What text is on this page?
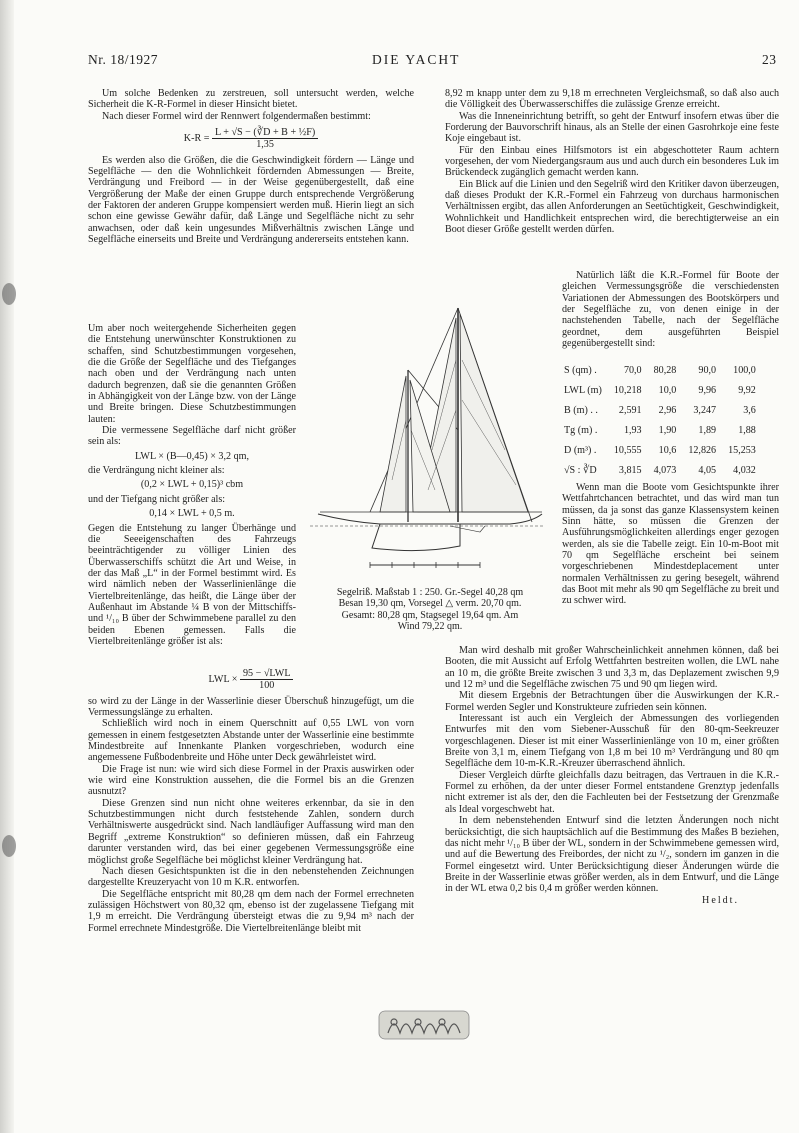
Nr. 18/1927	DIE YACHT	23

Um solche Bedenken zu zerstreuen, soll untersucht werden, welche Sicherheit die K-R-Formel in dieser Hinsicht bietet.

Nach dieser Formel wird der Rennwert folgendermaßen bestimmt:

$K-R = \frac{\text{L + √S − (∛D + B + ½F)}}{1,35}$

Es werden also die Größen, die die Geschwindigkeit fördern — Länge und Segelfläche — den die Wohnlichkeit fördernden Abmessungen — Breite, Verdrängung und Freibord — in der Weise gegenübergestellt, daß eine Vergrößerung der Maße der einen Gruppe durch entsprechende Vergrößerung der Faktoren der anderen Gruppe kompensiert werden muß. Hierin liegt an sich schon eine gewisse Gewähr dafür, daß Länge und Segelfläche nicht zu sehr anwachsen, oder daß kein ungesundes Mißverhältnis zwischen Länge und Segelfläche einerseits und Breite und Verdrängung andererseits entstehen kann.

Um aber noch weitergehende Sicherheiten gegen die Entstehung unerwünschter Konstruktionen zu schaffen, sind Schutzbestimmungen vorgesehen, die die Größe der Segelfläche und des Tiefganges nach oben und der Verdrängung nach unten dadurch begrenzen, daß sie die genannten Größen in Abhängigkeit von der Länge bzw. von der Länge und Breite bringen. Diese Schutzbestimmungen lauten:

Die vermessene Segelfläche darf nicht größer sein als:

LWL × (B—0,45) × 3,2 qm,

die Verdrängung nicht kleiner als:

(0,2 × LWL + 0,15)³ cbm

und der Tiefgang nicht größer als:

0,14 × LWL + 0,5 m.

Gegen die Entstehung zu langer Überhänge und die Seeeigenschaften des Fahrzeugs beeinträchtigender zu völliger Linien des Überwasserschiffs schützt die Art und Weise, in der das Maß „L“ in der Formel bestimmt wird. Es wird nämlich neben der Wasserlinienlänge die Viertelbreitenlänge, das heißt, die Länge über der Außenhaut im Abstande ¼ B von der Mittschiffs- und ¹/₁₀ B über der Schwimmebene parallel zu den beiden Ebenen gemessen. Falls die Viertelbreitenlänge größer ist als:

LWL ×
95 − √LWL
100

so wird zu der Länge in der Wasserlinie dieser Überschuß hinzugefügt, um die Vermessungslänge zu erhalten.

Schließlich wird noch in einem Querschnitt auf 0,55 LWL von vorn gemessen in einem festgesetzten Abstande unter der Wasserlinie eine bestimmte Mindestbreite auf Innenkante Planken vorgeschrieben, wodurch eine angemessene Fußbodenbreite und Höhe unter Deck gewährleistet wird.

Die Frage ist nun: wie wird sich diese Formel in der Praxis auswirken oder wie wird eine Konstruktion aussehen, die die Formel bis an die Grenzen ausnutzt?

Diese Grenzen sind nun nicht ohne weiteres erkennbar, da sie in den Schutzbestimmungen nicht durch feststehende Zahlen, sondern durch Verhältniswerte ausgedrückt sind. Nach landläufiger Auffassung wird man den Begriff „extreme Konstruktion“ so definieren müssen, daß ein Fahrzeug darunter verstanden wird, das bei einer gegebenen Vermessungsgröße eine möglichst große Segelfläche bei möglichst kleiner Verdrängung hat.

Nach diesen Gesichtspunkten ist die in den nebenstehenden Zeichnungen dargestellte Kreuzeryacht von 10 m K.R. entworfen.

Die Segelfläche entspricht mit 80,28 qm dem nach der Formel errechneten zulässigen Höchstwert von 80,32 qm, ebenso ist der zugelassene Tiefgang mit 1,9 m erreicht. Die Verdrängung übersteigt etwas die zu 9,94 m³ nach der Formel errechnete Mindestgröße. Die Viertelbreitenlänge bleibt mit

Segelriß. Maßstab 1 : 250. Gr.-Segel 40,28 qm
Besan 19,30 qm, Vorsegel △ verm. 20,70 qm.
Gesamt: 80,28 qm, Stagsegel 19,64 qm. Am
Wind 79,22 qm.

8,92 m knapp unter dem zu 9,18 m errechneten Vergleichsmaß, so daß also auch die Völligkeit des Überwasserschiffes die zulässige Grenze erreicht.

Was die Inneneinrichtung betrifft, so geht der Entwurf insofern etwas über die Forderung der Bauvorschrift hinaus, als an Stelle der einen Gasrohrkoje eine feste Koje eingebaut ist.

Für den Einbau eines Hilfsmotors ist ein abgeschotteter Raum achtern vorgesehen, der vom Niedergangsraum aus und auch durch ein besonderes Luk im Brückendeck zugänglich gemacht werden kann.

Ein Blick auf die Linien und den Segelriß wird den Kritiker davon überzeugen, daß dieses Produkt der K.R.-Formel ein Fahrzeug von durchaus harmonischen Verhältnissen ergibt, das allen Anforderungen an Seetüchtigkeit, Geschwindigkeit, Wohnlichkeit und Handlichkeit entsprechen wird, die berechtigterweise an ein Boot dieser Größe gestellt werden dürfen.

Natürlich läßt die K.R.-Formel für Boote der gleichen Vermessungsgröße die verschiedensten Variationen der Abmessungen des Bootskörpers und der Segelfläche zu, von denen einige in der nachstehenden Tabelle, nach der Segelfläche geordnet, dem ausgeführten Beispiel gegenübergestellt sind:

S (qm) .	70,0	80,28	90,0	100,0
LWL (m)	10,218	10,0	9,96	9,92
B (m) . .	2,591	2,96	3,247	3,6
Tg (m) .	1,93	1,90	1,89	1,88
D (m³) .	10,555	10,6	12,826	15,253
√S : ∛D	3,815	4,073	4,05	4,032

Wenn man die Boote vom Gesichtspunkte ihrer Wettfahrtchancen betrachtet, und das wird man tun müssen, da ja sonst das ganze Klassensystem keinen Sinn hätte, so müssen die Grenzen der Ausführungsmöglichkeiten allerdings enger gezogen werden, als sie die Tabelle zeigt. Ein 10-m-Boot mit 70 qm Segelfläche erscheint bei seinem vorgeschriebenen Mindestdeplacement unter normalen Verhältnissen zu gering besegelt, während das Boot mit mehr als 90 qm Segelfläche zu breit und zu schwer wird.

Man wird deshalb mit großer Wahrscheinlichkeit annehmen können, daß bei Booten, die mit Aussicht auf Erfolg Wettfahrten bestreiten wollen, die LWL nahe an 10 m, die größte Breite zwischen 3 und 3,3 m, das Deplazement zwischen 9,9 und 12 m³ und die Segelfläche zwischen 75 und 90 qm liegen wird.

Mit diesem Ergebnis der Betrachtungen über die Auswirkungen der K.R.-Formel werden Segler und Konstrukteure zufrieden sein können.

Interessant ist auch ein Vergleich der Abmessungen des vorliegenden Entwurfes mit den vom Siebener-Ausschuß für den 80-qm-Seekreuzer vorgeschlagenen. Dieser ist mit einer Wasserlinienlänge von 10 m, einer größten Breite von 3,1 m, einem Tiefgang von 1,8 m bei 10 m³ Verdrängung und 80 qm Segelfläche dem 10-m-K.R.-Kreuzer überraschend ähnlich.

Dieser Vergleich dürfte gleichfalls dazu beitragen, das Vertrauen in die K.R.-Formel zu erhöhen, da der unter dieser Formel entstandene Grenztyp jedenfalls nicht extremer ist als der, den die Fachleuten bei der Festsetzung der Grenzmaße als Ideal vorgeschwebt hat.

In dem nebenstehenden Entwurf sind die letzten Änderungen noch nicht berücksichtigt, die sich hauptsächlich auf die Bestimmung des Maßes B beziehen, das nicht mehr ¹/₁₀ B über der WL, sondern in der Schwimmebene gemessen wird, und auf die Bewertung des Freibordes, der nicht zu ¹/₂, sondern im ganzen in die Formel eingesetzt wird. Unter Berücksichtigung dieser Änderungen würde die Breite in der Wasserlinie etwas größer werden, als in dem Entwurf, und die Länge in der WL etwa 0,2 bis 0,4 m größer werden können.

Heldt.
